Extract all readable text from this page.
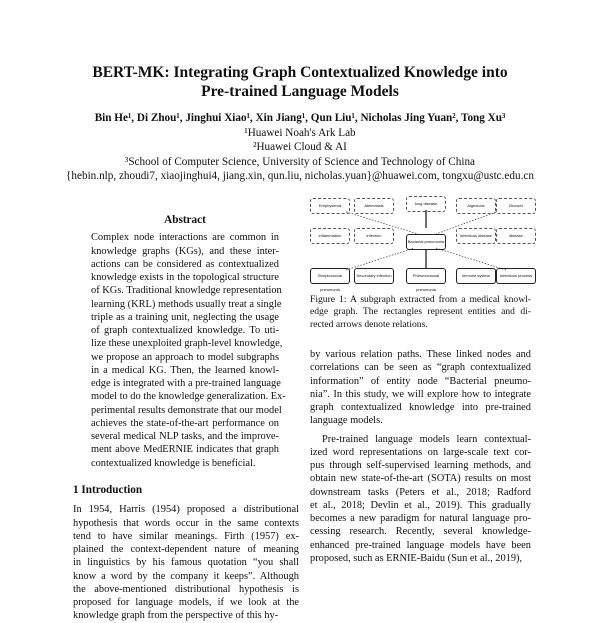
BERT-MK: Integrating Graph Contextualized Knowledge into
Pre-trained Language Models
Bin He¹, Di Zhou¹, Jinghui Xiao¹, Xin Jiang¹, Qun Liu¹, Nicholas Jing Yuan², Tong Xu³
¹Huawei Noah's Ark Lab
²Huawei Cloud & AI
³School of Computer Science, University of Science and Technology of China
{hebin.nlp, zhoudi7, xiaojinghui4, jiang.xin, qun.liu, nicholas.yuan}@huawei.com, tongxu@ustc.edu.cn
Abstract
Complex node interactions are common in
knowledge graphs (KGs), and these inter-
actions can be considered as contextualized
knowledge exists in the topological structure
of KGs. Traditional knowledge representation
learning (KRL) methods usually treat a single
triple as a training unit, neglecting the usage
of graph contextualized knowledge. To uti-
lize these unexploited graph-level knowledge,
we propose an approach to model subgraphs
in a medical KG. Then, the learned knowl-
edge is integrated with a pre-trained language
model to do the knowledge generalization. Ex-
perimental results demonstrate that our model
achieves the state-of-the-art performance on
several medical NLP tasks, and the improve-
ment above MedERNIE indicates that graph
contextualized knowledge is beneficial.
1 Introduction
In 1954, Harris (1954) proposed a distributional
hypothesis that words occur in the same contexts
tend to have similar meanings. Firth (1957) ex-
plained the context-dependent nature of meaning
in linguistics by his famous quotation “you shall
know a word by the company it keeps”. Although
the above-mentioned distributional hypothesis is
proposed for language models, if we look at the
knowledge graph from the perspective of this hy-
Emphysema	Atelectasis	lung disease	Algedonic	Bronchi
inflammation	infection
Bacterial pneumonia
infectious disease	disease
Streptococcal pneumonia
Secondary infection	Pneumococcal pneumonia
Immune system	Infectious process
Figure 1: A subgraph extracted from a medical knowl-
edge graph. The rectangles represent entities and di-
rected arrows denote relations.
by various relation paths. These linked nodes and
correlations can be seen as “graph contextualized
information” of entity node “Bacterial pneumo-
nia”. In this study, we will explore how to integrate
graph contextualized knowledge into pre-trained
language models.
Pre-trained language models learn contextual-
ized word representations on large-scale text cor-
pus through self-supervised learning methods, and
obtain new state-of-the-art (SOTA) results on most
downstream tasks (Peters et al., 2018; Radford
et al., 2018; Devlin et al., 2019). This gradually
becomes a new paradigm for natural language pro-
cessing research. Recently, several knowledge-
enhanced pre-trained language models have been
proposed, such as ERNIE-Baidu (Sun et al., 2019),
